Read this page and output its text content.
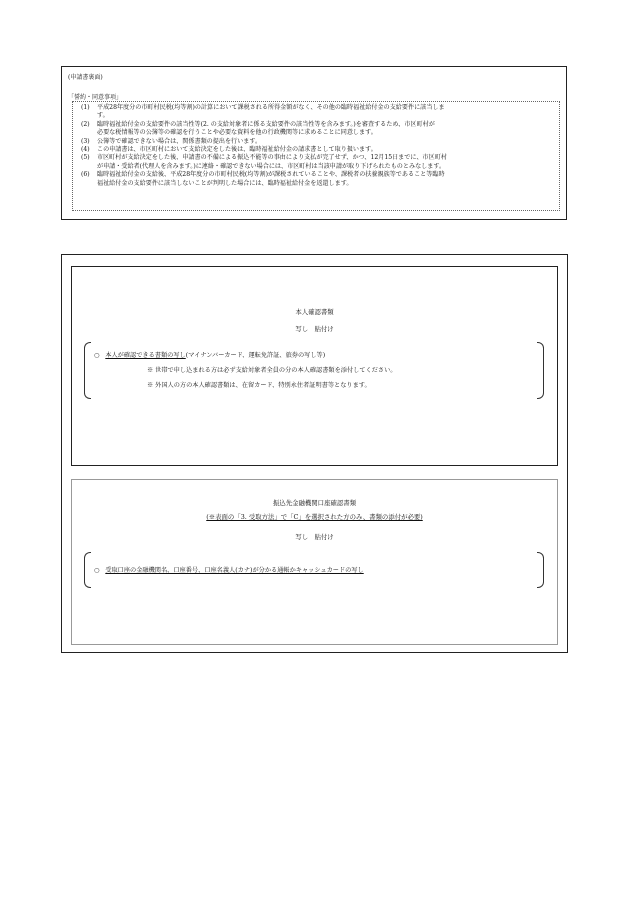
(申請書裏面)
「誓約・同意事項」
(1) 平成28年度分の市町村民税(均等割)の計算において課税される所得金額がなく、その他の臨時福祉給付金の支給要件に該当しま
す。
(2) 臨時福祉給付金の支給要件の該当性等(2. の支給対象者に係る支給要件の該当性等を含みます。)を審査するため、市区町村が
必要な税情報等の公簿等の確認を行うことや必要な資料を他の行政機関等に求めることに同意します。
(3) 公簿等で確認できない場合は、関係書類の提出を行います。
(4) この申請書は、市区町村において支給決定をした後は、臨時福祉給付金の請求書として取り扱います。
(5) 市区町村が支給決定をした後、申請書の不備による振込不能等の事由により支払が完了せず、かつ、12月15日までに、市区町村
が申請・受給者(代理人を含みます。)に連絡・確認できない場合には、市区町村は当該申請が取り下げられたものとみなします。
(6) 臨時福祉給付金の支給後、平成28年度分の市町村民税(均等割)が課税されていることや、課税者の扶養親族等であること等臨時
福祉給付金の支給要件に該当しないことが判明した場合には、臨時福祉給付金を返還します。
本人確認書類
写し　貼付け
○ 本人が確認できる書類の写し(マイナンバーカード、運転免許証、旅券の写し等)
※ 世帯で申し込まれる方は必ず支給対象者全員の分の本人確認書類を添付してください。
※ 外国人の方の本人確認書類は、在留カード、特別永住者証明書等となります。
振込先金融機関口座確認書類
(※表面の「3. 受取方法」で「C」を選択された方のみ、書類の添付が必要)
写し　貼付け
○ 受取口座の金融機関名、口座番号、口座名義人(カナ)が分かる通帳かキャッシュカードの写し
